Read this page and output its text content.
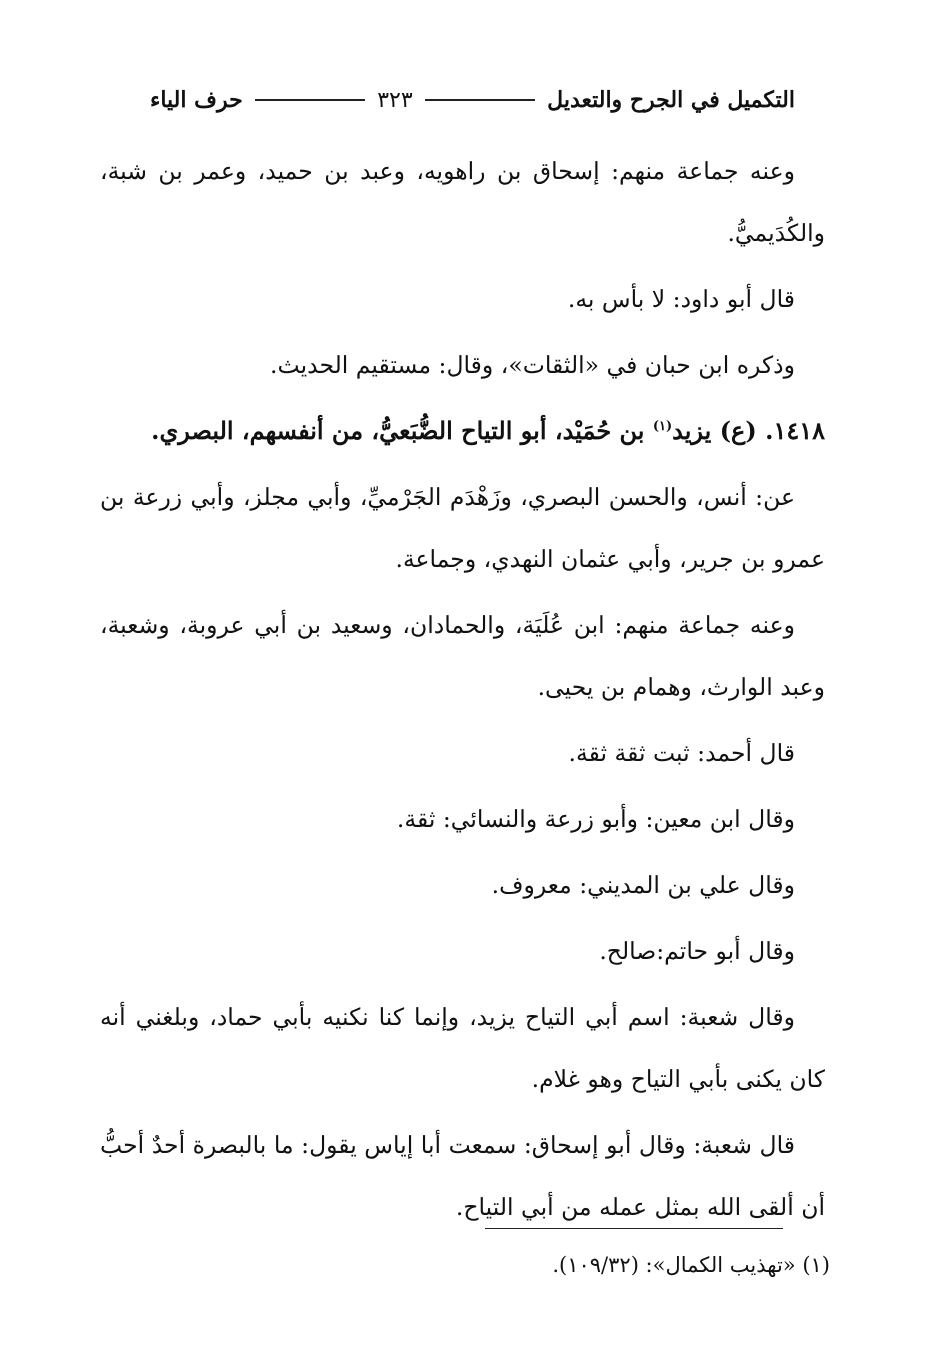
التكميل في الجرح والتعديل
٣٢٣
حرف الياء

وعنه جماعة منهم: إسحاق بن راهويه، وعبد بن حميد، وعمر بن شبة، والكُدَيميُّ.

قال أبو داود: لا بأس به.

وذكره ابن حبان في «الثقات»، وقال: مستقيم الحديث.

١٤١٨. (ع) يزيد$^{(١)}$ بن حُمَيْد، أبو التياح الضُّبَعيُّ، من أنفسهم، البصري.

عن: أنس، والحسن البصري، وزَهْدَم الجَرْميِّ، وأبي مجلز، وأبي زرعة بن عمرو بن جرير، وأبي عثمان النهدي، وجماعة.

وعنه جماعة منهم: ابن عُلَيَة، والحمادان، وسعيد بن أبي عروبة، وشعبة، وعبد الوارث، وهمام بن يحيى.

قال أحمد: ثبت ثقة ثقة.

وقال ابن معين: وأبو زرعة والنسائي: ثقة.

وقال علي بن المديني: معروف.

وقال أبو حاتم:صالح.

وقال شعبة: اسم أبي التياح يزيد، وإنما كنا نكنيه بأبي حماد، وبلغني أنه كان يكنى بأبي التياح وهو غلام.

قال شعبة: وقال أبو إسحاق: سمعت أبا إياس يقول: ما بالبصرة أحدٌ أحبُّ أن ألقى الله بمثل عمله من أبي التياح.

(١) «تهذيب الكمال»: (١٠٩/٣٢).
